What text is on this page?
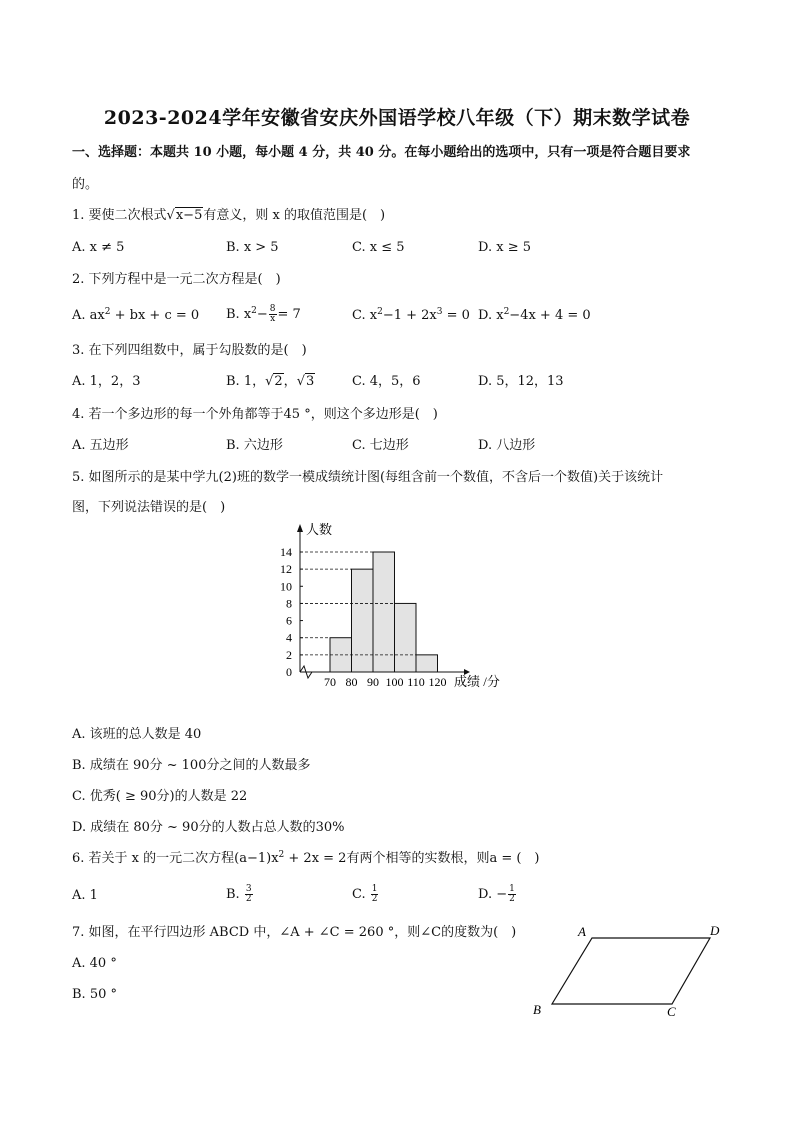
2023-2024学年安徽省安庆外国语学校八年级（下）期末数学试卷
一、选择题：本题共 10 小题，每小题 4 分，共 40 分。在每小题给出的选项中，只有一项是符合题目要求
的。
1. 要使二次根式√x−5有意义，则 x 的取值范围是(　)
A. x ≠ 5	B. x > 5	C. x ≤ 5	D. x ≥ 5
2. 下列方程中是一元二次方程是(　)
A. $ax^2$ + bx + c = 0 B. $x^2- \frac{8}{x} = 7$	C. $x^2-1 + 2x^3 = 0$ D. $x^2-4x + 4 = 0$
3. 在下列四组数中，属于勾股数的是(　)
A. 1，2，3	B. 1，√2，√3	C. 4，5，6	D. 5，12，13
4. 若一个多边形的每一个外角都等于45 °，则这个多边形是(　)
A. 五边形	B. 六边形	C. 七边形	D. 八边形
5. 如图所示的是某中学九(2)班的数学一模成绩统计图(每组含前一个数值，不含后一个数值)关于该统计
图，下列说法错误的是(　)
人数
成绩 /分
0
2
4
6
8
10
12
14
70 80 90 100 110 120
A. 该班的总人数是 40
B. 成绩在 90分 ~ 100分之间的人数最多
C. 优秀( ≥ 90分)的人数是 22
D. 成绩在 80分 ~ 90分的人数占总人数的30%
6. 若关于 x 的一元二次方程$(a-1)x^2 + 2x = 2$有两个相等的实数根，则a = (　)
A. 1	B. $\frac{3}{2}$	C. $\frac{1}{2}$	D. − $\frac{1}{2}$
7. 如图，在平行四边形 ABCD 中，∠A + ∠C = 260 °，则∠C的度数为(　)
A. 40 °
B. 50 °
A	D
B	C
